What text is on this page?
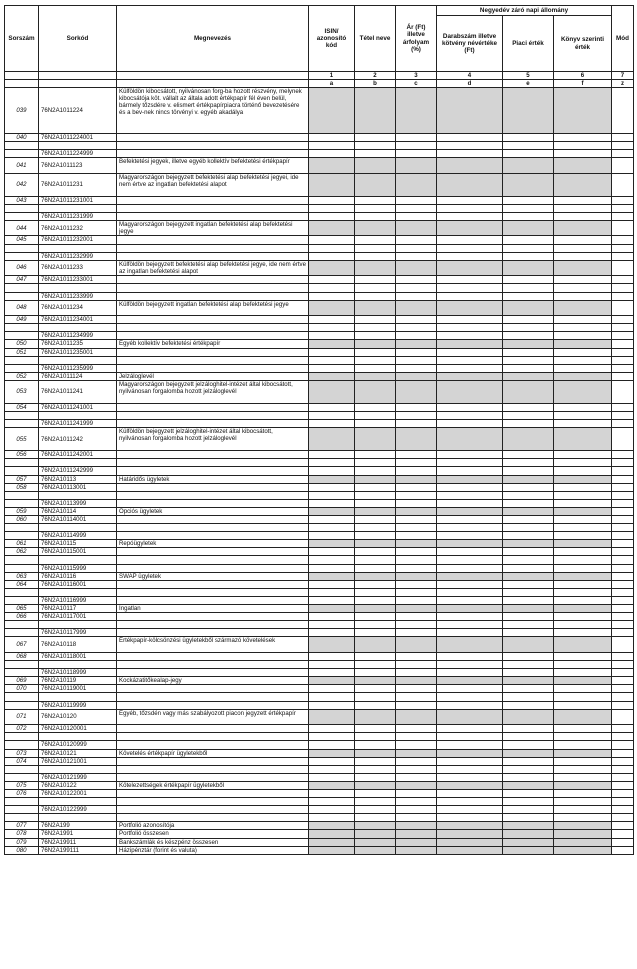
Sorszám	Sorkód	Megnevezés	ISIN/ azonosító kód	Tétel neve	Ár (Ft) illetve árfolyam (%)	Negyedév záró napi állomány			Mód
						Darabszám illetve kötvény névértéke (Ft)	Piaci érték	Könyv szerinti érték	
			1	2	3	4	5	6	7
			a	b	c	d	e	f	z
039	76N2A1011224	Külföldön kibocsátott, nyilvánosan forg-ba hozott részvény, melynek kibocsátója köt. vállalt az általa adott értékpapír fél éven belül, bármely tőzsdére v. elismert értékpapírpiacra történő bevezetésére és a bev-nek nincs törvényi v. egyéb akadálya							
040	76N2A1011224001								

	76N2A1011224999								
041	76N2A1011123	Befektetési jegyek, illetve egyéb kollektív befektetési értékpapír							
042	76N2A1011231	Magyarországon bejegyzett befektetési alap befektetési jegyei, ide nem értve az ingatlan befektetési alapot							
043	76N2A1011231001								

	76N2A1011231999								
044	76N2A1011232	Magyarországon bejegyzett ingatlan befektetési alap befektetési jegye							
045	76N2A1011232001								

	76N2A1011232999								
046	76N2A1011233	Külföldön bejegyzett befektetési alap befektetési jegye, ide nem értve az ingatlan befektetési alapot							
047	76N2A1011233001								

	76N2A1011233999								
048	76N2A1011234	Külföldön bejegyzett ingatlan befektetési alap befektetési jegye							
049	76N2A1011234001								

	76N2A1011234999								
050	76N2A1011235	Egyéb kollektív befektetési értékpapír							
051	76N2A1011235001								

	76N2A1011235999								
052	76N2A1011124	Jelzáloglevél							
053	76N2A1011241	Magyarországon bejegyzett jelzáloghitel-intézet által kibocsátott, nyilvánosan forgalomba hozott jelzáloglevél							
054	76N2A1011241001								

	76N2A1011241999								
055	76N2A1011242	Külföldön bejegyzett jelzáloghitel-intézet által kibocsátott, nyilvánosan forgalomba hozott jelzáloglevél							
056	76N2A1011242001								

	76N2A1011242999								
057	76N2A10113	Határidős ügyletek							
058	76N2A10113001								

	76N2A10113999								
059	76N2A10114	Opciós ügyletek							
060	76N2A10114001								

	76N2A10114999								
061	76N2A10115	Repóügyletek							
062	76N2A10115001								

	76N2A10115999								
063	76N2A10116	SWAP ügyletek							
064	76N2A10116001								

	76N2A10116999								
065	76N2A10117	Ingatlan							
066	76N2A10117001								

	76N2A10117999								
067	76N2A10118	Értékpapír-kölcsönzési ügyletekből származó követelések							
068	76N2A10118001								

	76N2A10118999								
069	76N2A10119	Kockázatitőkealap-jegy							
070	76N2A10119001								

	76N2A10119999								
071	76N2A10120	Egyéb, tőzsdén vagy más szabályozott piacon jegyzett értékpapír							
072	76N2A10120001								

	76N2A10120999								
073	76N2A10121	Követelés értékpapír ügyletekből							
074	76N2A10121001								

	76N2A10121999								
075	76N2A10122	Kötelezettségek értékpapír ügyletekből							
076	76N2A10122001								

	76N2A10122999								

077	76N2A199	Portfolió azonosítója							
078	76N2A1991	Portfolió összesen							
079	76N2A19911	Bankszámlák és készpénz összesen							
080	76N2A199111	Házipénztár (forint és valuta)							
